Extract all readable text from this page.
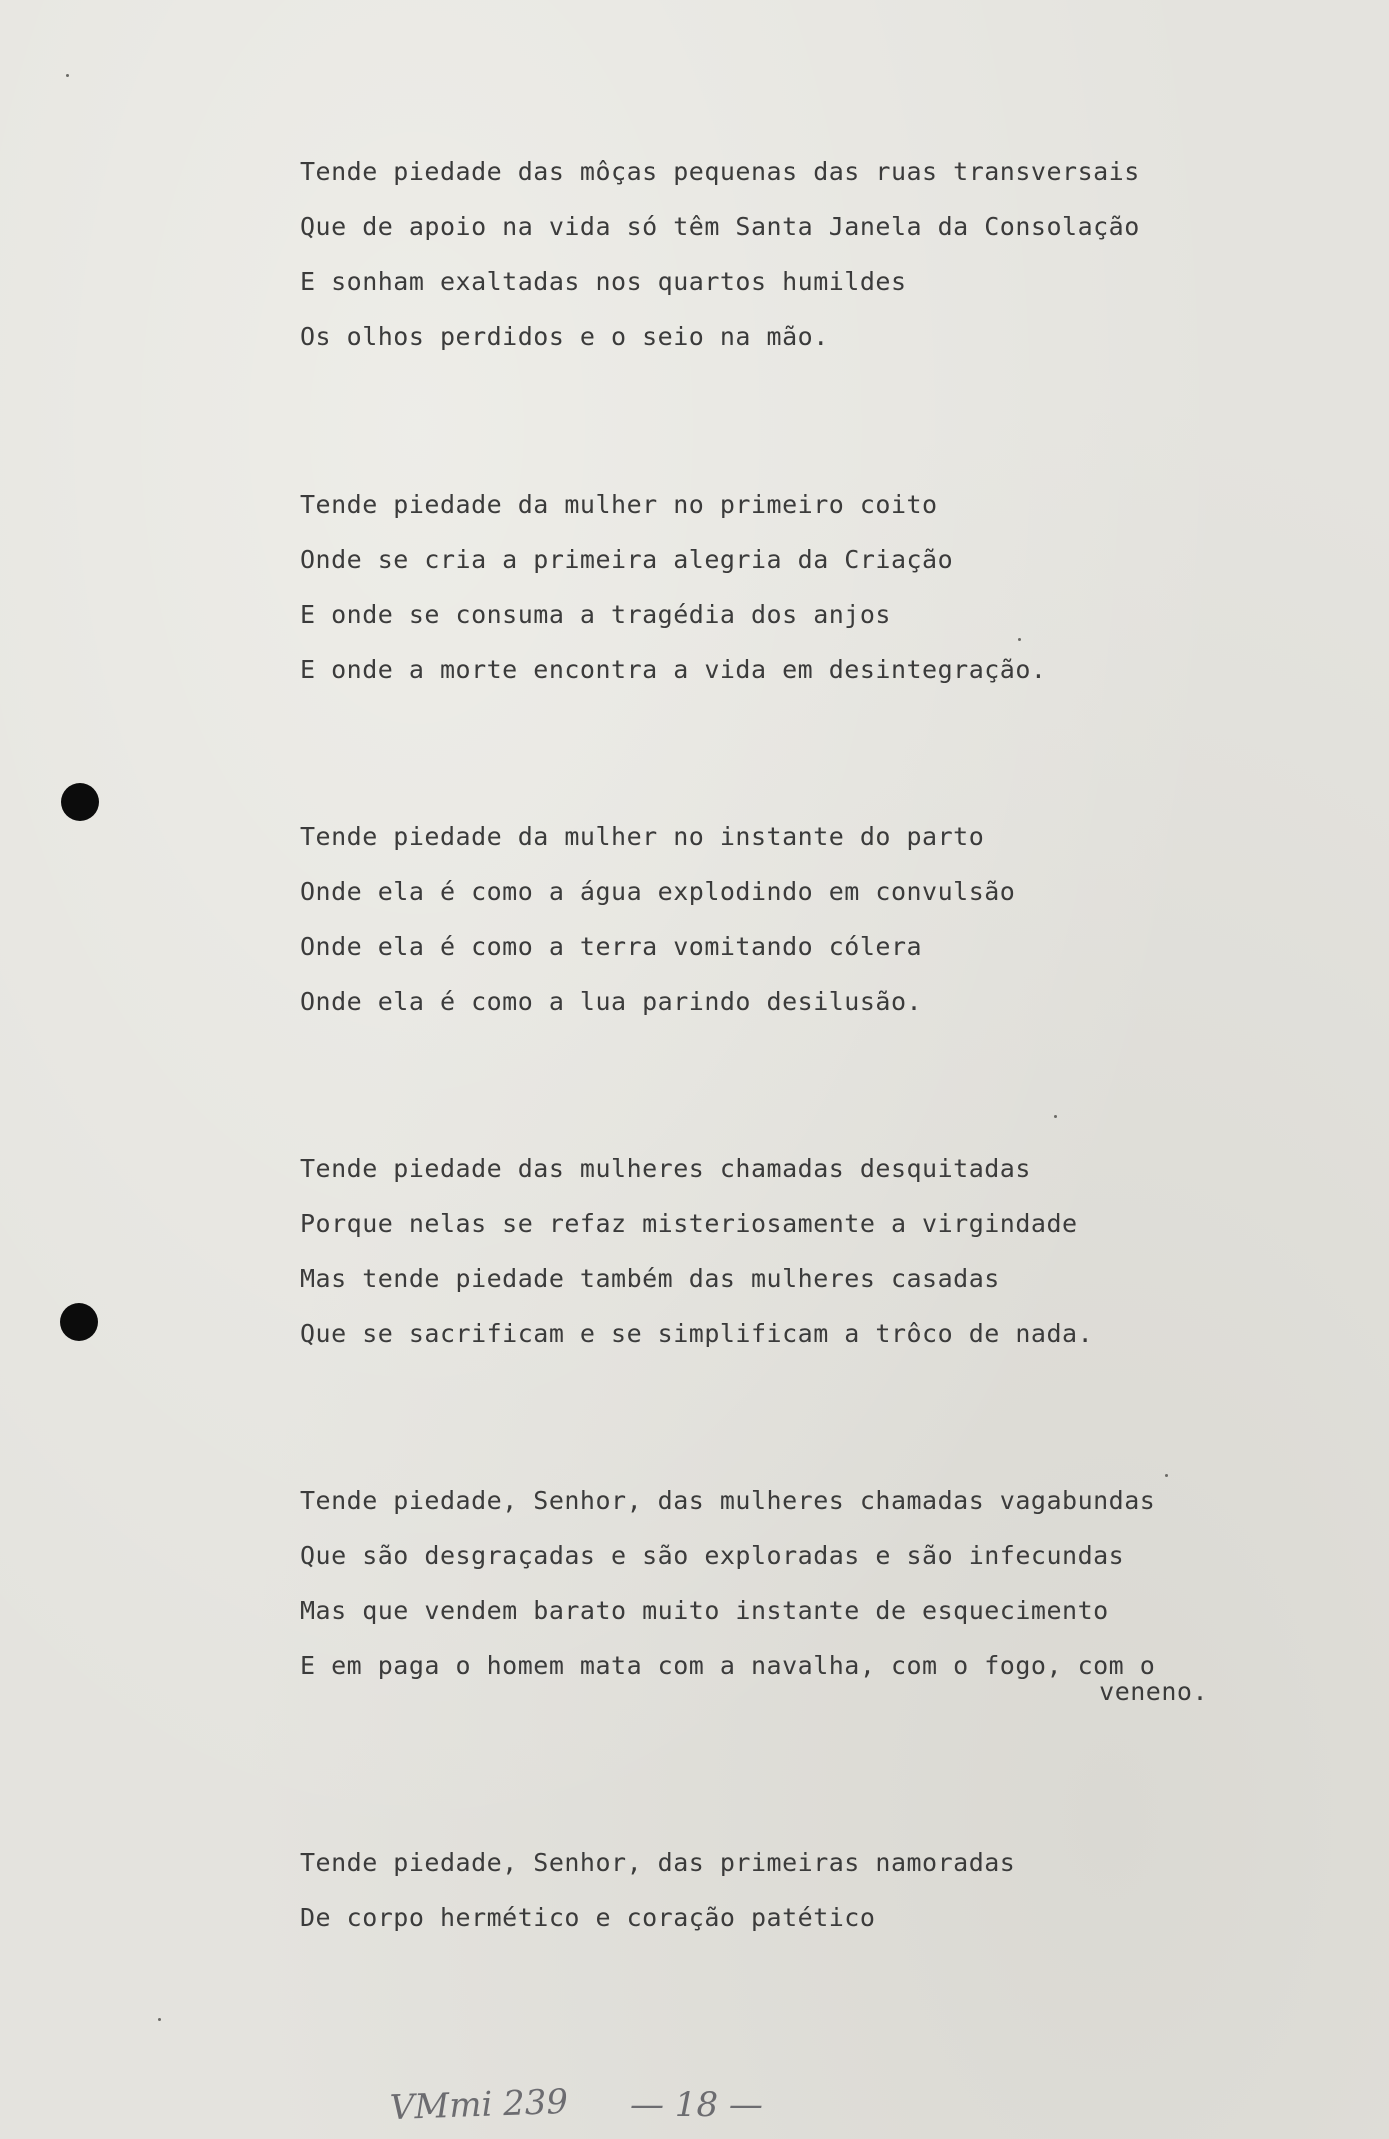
Tende piedade das môças pequenas das ruas transversais
Que de apoio na vida só têm Santa Janela da Consolação
E sonham exaltadas nos quartos humildes
Os olhos perdidos e o seio na mão.
Tende piedade da mulher no primeiro coito
Onde se cria a primeira alegria da Criação
E onde se consuma a tragédia dos anjos
E onde a morte encontra a vida em desintegração.
Tende piedade da mulher no instante do parto
Onde ela é como a água explodindo em convulsão
Onde ela é como a terra vomitando cólera
Onde ela é como a lua parindo desilusão.
Tende piedade das mulheres chamadas desquitadas
Porque nelas se refaz misteriosamente a virgindade
Mas tende piedade também das mulheres casadas
Que se sacrificam e se simplificam a trôco de nada.
Tende piedade, Senhor, das mulheres chamadas vagabundas
Que são desgraçadas e são exploradas e são infecundas
Mas que vendem barato muito instante de esquecimento
E em paga o homem mata com a navalha, com o fogo, com o
veneno.
Tende piedade, Senhor, das primeiras namoradas
De corpo hermético e coração patético
VMmi 239 — 18 —
